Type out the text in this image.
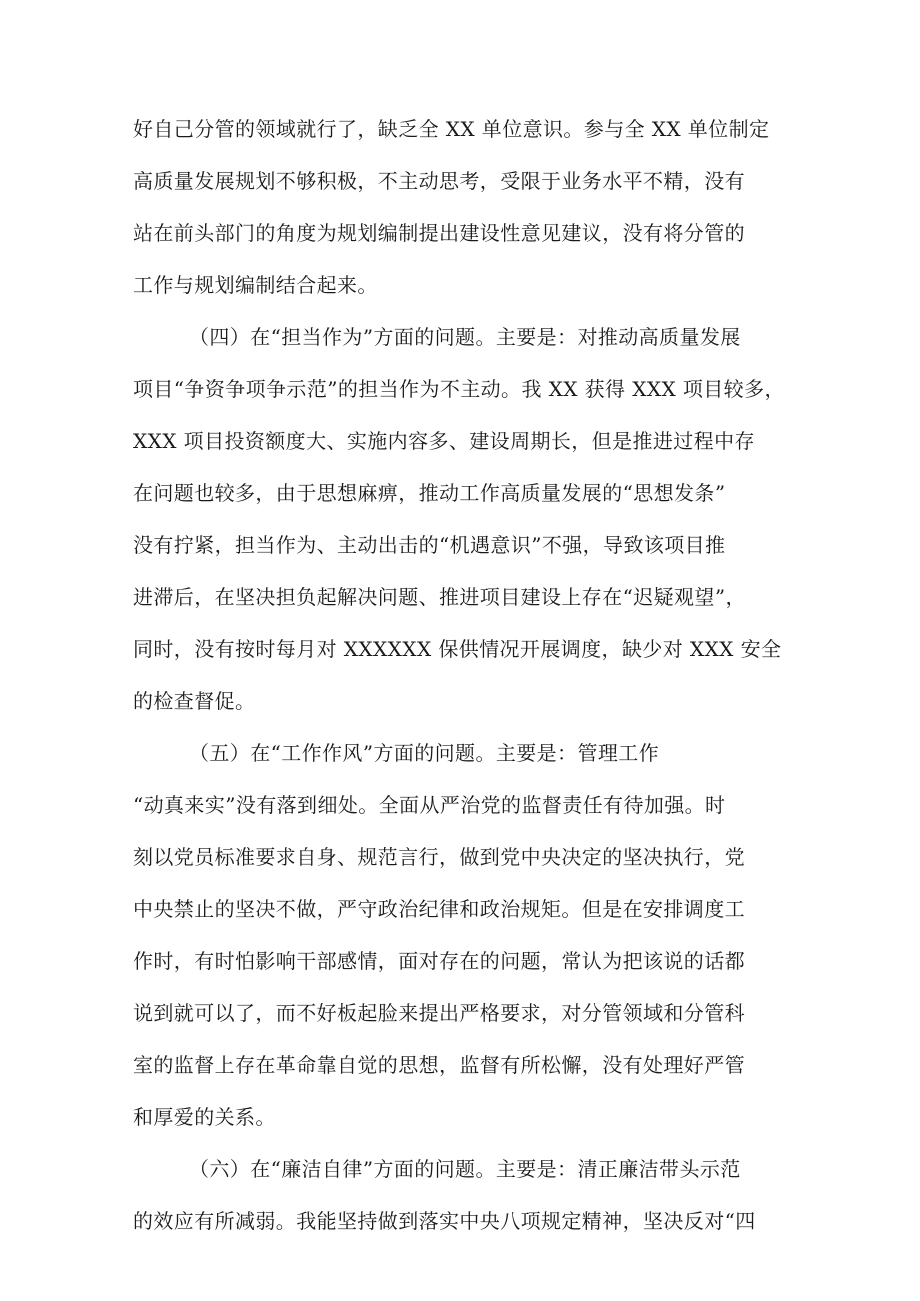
好自己分管的领域就行了，缺乏全 XX 单位意识。参与全 XX 单位制定
高质量发展规划不够积极，不主动思考，受限于业务水平不精，没有
站在前头部门的角度为规划编制提出建设性意见建议，没有将分管的
工作与规划编制结合起来。
（四）在“担当作为”方面的问题。主要是：对推动高质量发展
项目“争资争项争示范”的担当作为不主动。我 XX 获得 XXX 项目较多，
XXX 项目投资额度大、实施内容多、建设周期长，但是推进过程中存
在问题也较多，由于思想麻痹，推动工作高质量发展的“思想发条”
没有拧紧，担当作为、主动出击的“机遇意识”不强，导致该项目推
进滞后，在坚决担负起解决问题、推进项目建设上存在“迟疑观望”，
同时，没有按时每月对 XXXXXX 保供情况开展调度，缺少对 XXX 安全
的检查督促。
（五）在“工作作风”方面的问题。主要是：管理工作
“动真来实”没有落到细处。全面从严治党的监督责任有待加强。时
刻以党员标准要求自身、规范言行，做到党中央决定的坚决执行，党
中央禁止的坚决不做，严守政治纪律和政治规矩。但是在安排调度工
作时，有时怕影响干部感情，面对存在的问题，常认为把该说的话都
说到就可以了，而不好板起脸来提出严格要求，对分管领域和分管科
室的监督上存在革命靠自觉的思想，监督有所松懈，没有处理好严管
和厚爱的关系。
（六）在“廉洁自律”方面的问题。主要是：清正廉洁带头示范
的效应有所减弱。我能坚持做到落实中央八项规定精神，坚决反对“四
